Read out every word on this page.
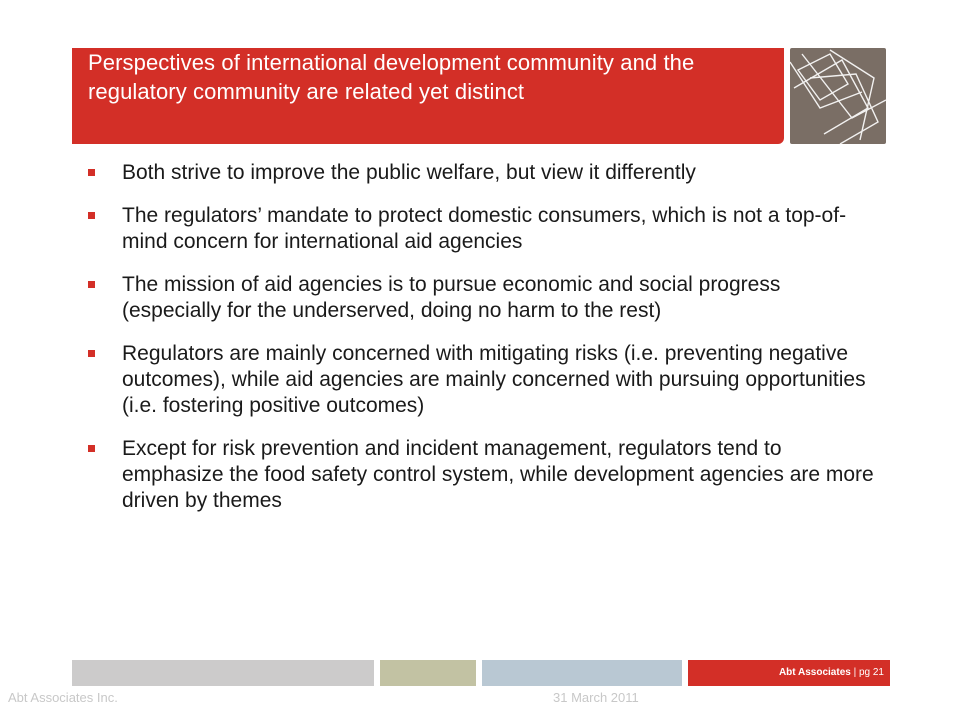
Perspectives of international development community and the regulatory community are related yet distinct
Both strive to improve the public welfare, but view it differently
The regulators’ mandate to protect domestic consumers, which is not a top-of-mind concern for international aid agencies
The mission of aid agencies is to pursue economic and social progress (especially for the underserved, doing no harm to the rest)
Regulators are mainly concerned with mitigating risks (i.e. preventing negative outcomes), while aid agencies are mainly concerned with pursuing opportunities (i.e. fostering positive outcomes)
Except for risk prevention and incident management, regulators tend to emphasize the food safety control system, while development agencies are more driven by themes
Abt Associates | pg 21
Abt Associates Inc.	31 March 2011
